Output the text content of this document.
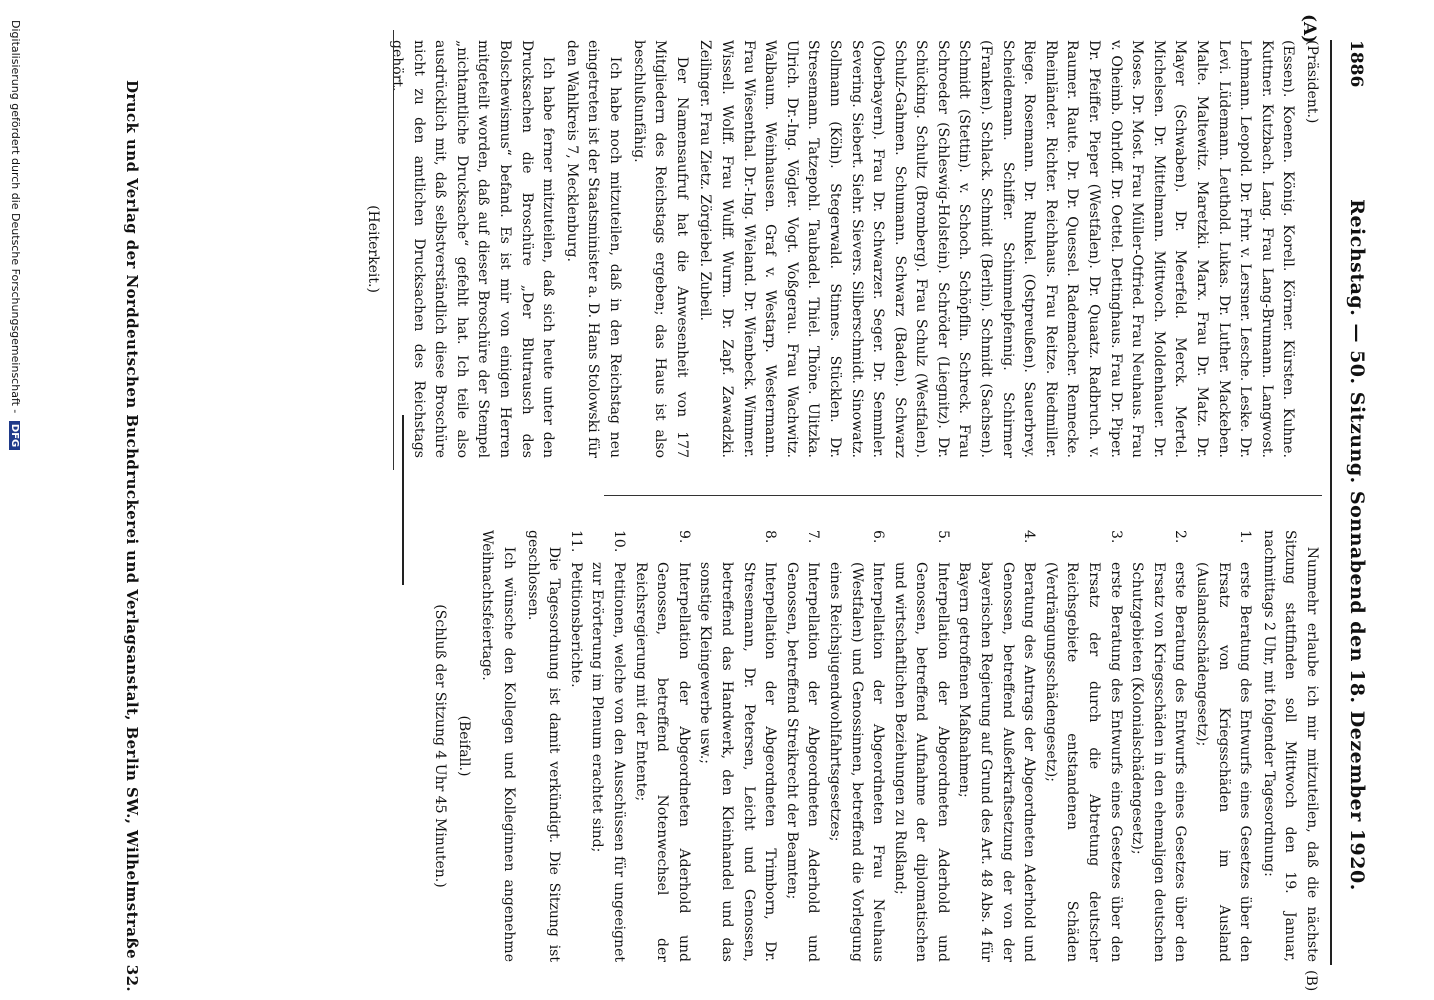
1886
Reichstag. — 50. Sitzung. Sonnabend den 18. Dezember 1920.
(A)
(B)

(Präsident.)

(Essen). Koenen. König. Korell. Körner. Kürsten. Kuhne. Kuttner. Kutzbach. Lang. Frau Lang-Brumann. Langwost. Lehmann. Leopold. Dr. Frhr. v. Lersner. Lesche. Leske. Dr. Levi. Lüdemann. Leuthold. Lukas. Dr. Luther. Mackeben. Malte. Maltewitz. Maretzki. Marx. Frau Dr. Matz. Dr. Mayer (Schwaben). Dr. Meerfeld. Merck. Mertel. Michelsen. Dr. Mittelmann. Mittwoch. Moldenhauer. Dr. Moses. Dr. Most. Frau Müller-Otfried. Frau Neuhaus. Frau v. Oheimb. Ohrloff. Dr. Oettel. Dettinghaus. Frau Dr. Piper. Dr. Pfeiffer. Pieper (Westfalen). Dr. Quaatz. Radbruch. v. Raumer. Raute. Dr. Dr. Quessel. Rademacher. Rennecke. Rheinländer. Richter. Reichhaus. Frau Reitze. Riedmiller. Riege. Rosemann. Dr. Runkel. (Ostpreußen). Sauerbrey. Scheidemann. Schiffer. Schimmelpfennig. Schirmer (Franken). Schlack. Schmidt (Berlin). Schmidt (Sachsen). Schmidt (Stettin). v. Schoch. Schöpflin. Schreck. Frau Schroeder (Schleswig-Holstein). Schröder (Liegnitz). Dr. Schücking. Schultz (Bromberg). Frau Schulz (Westfalen). Schulz-Gahmen. Schumann. Schwarz (Baden). Schwarz (Oberbayern). Frau Dr. Schwarzer. Seger. Dr. Semmler. Severing. Siebert. Siehr. Sievers. Silberschmidt. Sinowatz. Sollmann (Köln). Stegerwald. Stinnes. Stücklen. Dr. Stresemann. Tatzepohl. Taubadel. Thiel. Thöne. Ulitzka. Ulrich. Dr.-Ing. Vögler. Vogt. Voßgerau. Frau Wachwitz. Walbaum. Weinhausen. Graf v. Westarp. Westermann. Frau Wiesenthal. Dr.-Ing. Wieland. Dr. Wienbeck. Wimmer. Wissell. Wolff. Frau Wulff. Wurm. Dr. Zapf. Zawadzki. Zeilinger. Frau Zietz. Zörgiebel. Zubeil.

Der Namensaufruf hat die Anwesenheit von 177 Mitgliedern des Reichstags ergeben; das Haus ist also beschlußunfähig.

Ich habe noch mitzuteilen, daß in den Reichstag neu eingetreten ist der Staatsminister a. D. Hans Stolowski für den Wahlkreis 7, Mecklenburg.

Ich habe ferner mitzuteilen, daß sich heute unter den Drucksachen die Broschüre „Der Blutrausch des Bolschewismus“ befand. Es ist mir von einigen Herren mitgeteilt worden, daß auf dieser Broschüre der Stempel „nichtamtliche Drucksache“ gefehlt hat. Ich teile also ausdrücklich mit, daß selbstverständlich diese Broschüre nicht zu den amtlichen Drucksachen des Reichstags gehört.

(Heiterkeit.)

Nunmehr erlaube ich mir mitzuteilen, daß die nächste Sitzung stattfinden soll Mittwoch den 19. Januar, nachmittags 2 Uhr, mit folgender Tagesordnung:

1.
erste Beratung des Entwurfs eines Gesetzes über den Ersatz von Kriegsschäden im Ausland (Auslandsschädengesetz);

2.
erste Beratung des Entwurfs eines Gesetzes über den Ersatz von Kriegsschäden in den ehemaligen deutschen Schutzgebieten (Kolonialschädengesetz);

3.
erste Beratung des Entwurfs eines Gesetzes über den Ersatz der durch die Abtretung deutscher Reichsgebiete entstandenen Schäden (Verdrängungsschädengesetz);

4.
Beratung des Antrags der Abgeordneten Aderhold und Genossen, betreffend Außerkraftsetzung der von der bayerischen Regierung auf Grund des Art. 48 Abs. 4 für Bayern getroffenen Maßnahmen;

5.
Interpellation der Abgeordneten Aderhold und Genossen, betreffend Aufnahme der diplomatischen und wirtschaftlichen Beziehungen zu Rußland;

6.
Interpellation der Abgeordneten Frau Neuhaus (Westfalen) und Genossinnen, betreffend die Vorlegung eines Reichsjugendwohlfahrtsgesetzes;

7.
Interpellation der Abgeordneten Aderhold und Genossen, betreffend Streikrecht der Beamten;

8.
Interpellation der Abgeordneten Trimborn, Dr. Stresemann, Dr. Petersen, Leicht und Genossen, betreffend das Handwerk, den Kleinhandel und das sonstige Kleingewerbe usw.;

9.
Interpellation der Abgeordneten Aderhold und Genossen, betreffend Notenwechsel der Reichsregierung mit der Entente;

10.
Petitionen, welche von den Ausschüssen für ungeeignet zur Erörterung im Plenum erachtet sind;

11.
Petitionsberichte.

Die Tagesordnung ist damit verkündigt. Die Sitzung ist geschlossen.

Ich wünsche den Kollegen und Kolleginnen angenehme Weihnachtsfeiertage.

(Beifall.)

(Schluß der Sitzung 4 Uhr 45 Minuten.)

Druck und Verlag der Norddeutschen Buchdruckerei und Verlagsanstalt, Berlin SW., Wilhelmstraße 32.
Digitalisierung gefördert durch die Deutsche Forschungsgemeinschaft - DFG
